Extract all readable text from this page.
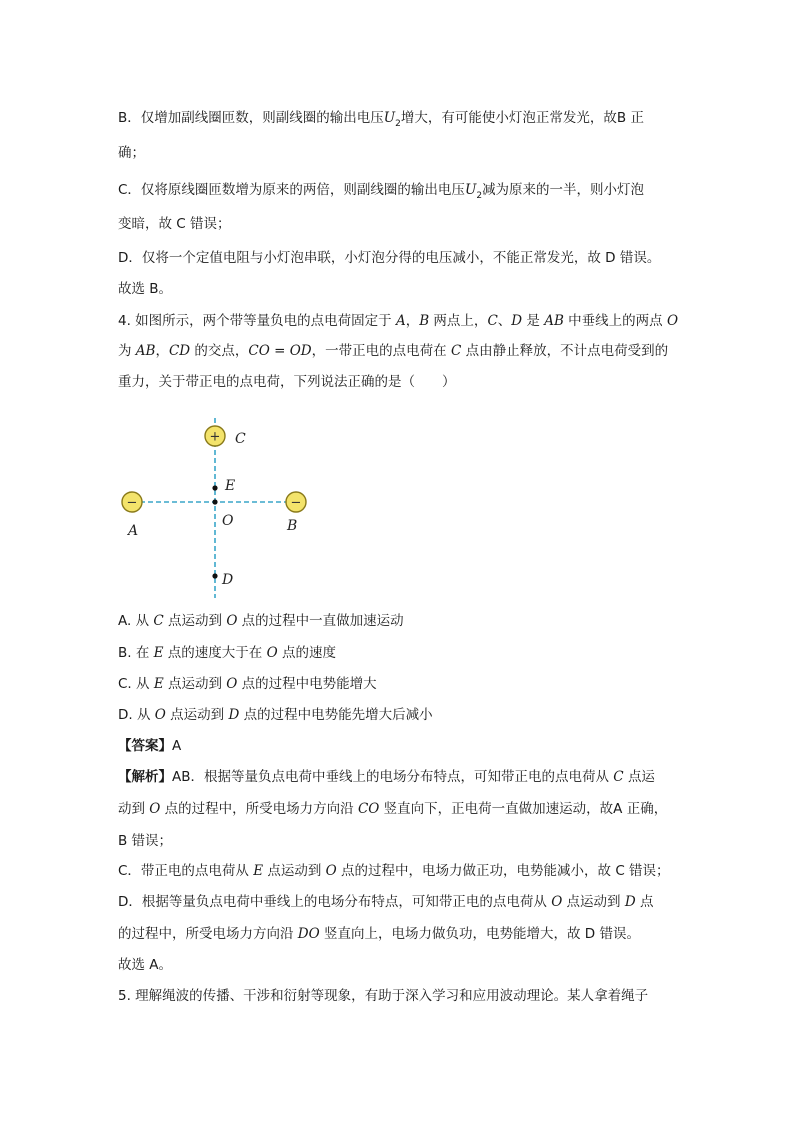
B．仅增加副线圈匝数，则副线圈的输出电压$U_2$增大，有可能使小灯泡正常发光，故B 正
确；
C．仅将原线圈匝数增为原来的两倍，则副线圈的输出电压$U_2$减为原来的一半，则小灯泡
变暗，故 C 错误；
D．仅将一个定值电阻与小灯泡串联，小灯泡分得的电压减小，不能正常发光，故 D 错误。
故选 B。
4. 如图所示，两个带等量负电的点电荷固定于 A，B 两点上，C、D 是 AB 中垂线上的两点 O
为 AB，CD 的交点，CO = OD，一带正电的点电荷在 C 点由静止释放，不计点电荷受到的
重力，关于带正电的点电荷，下列说法正确的是（　　）
+
−	−
C
E
O
A	B
D
A. 从 C 点运动到 O 点的过程中一直做加速运动
B. 在 E 点的速度大于在 O 点的速度
C. 从 E 点运动到 O 点的过程中电势能增大
D. 从 O 点运动到 D 点的过程中电势能先增大后减小
【答案】A
【解析】AB．根据等量负点电荷中垂线上的电场分布特点，可知带正电的点电荷从 C 点运
动到 O 点的过程中，所受电场力方向沿 CO 竖直向下，正电荷一直做加速运动，故A 正确，
B 错误；
C．带正电的点电荷从 E 点运动到 O 点的过程中，电场力做正功，电势能减小，故 C 错误；
D．根据等量负点电荷中垂线上的电场分布特点，可知带正电的点电荷从 O 点运动到 D 点
的过程中，所受电场力方向沿 DO 竖直向上，电场力做负功，电势能增大，故 D 错误。
故选 A。
5. 理解绳波的传播、干涉和衍射等现象，有助于深入学习和应用波动理论。某人拿着绳子
